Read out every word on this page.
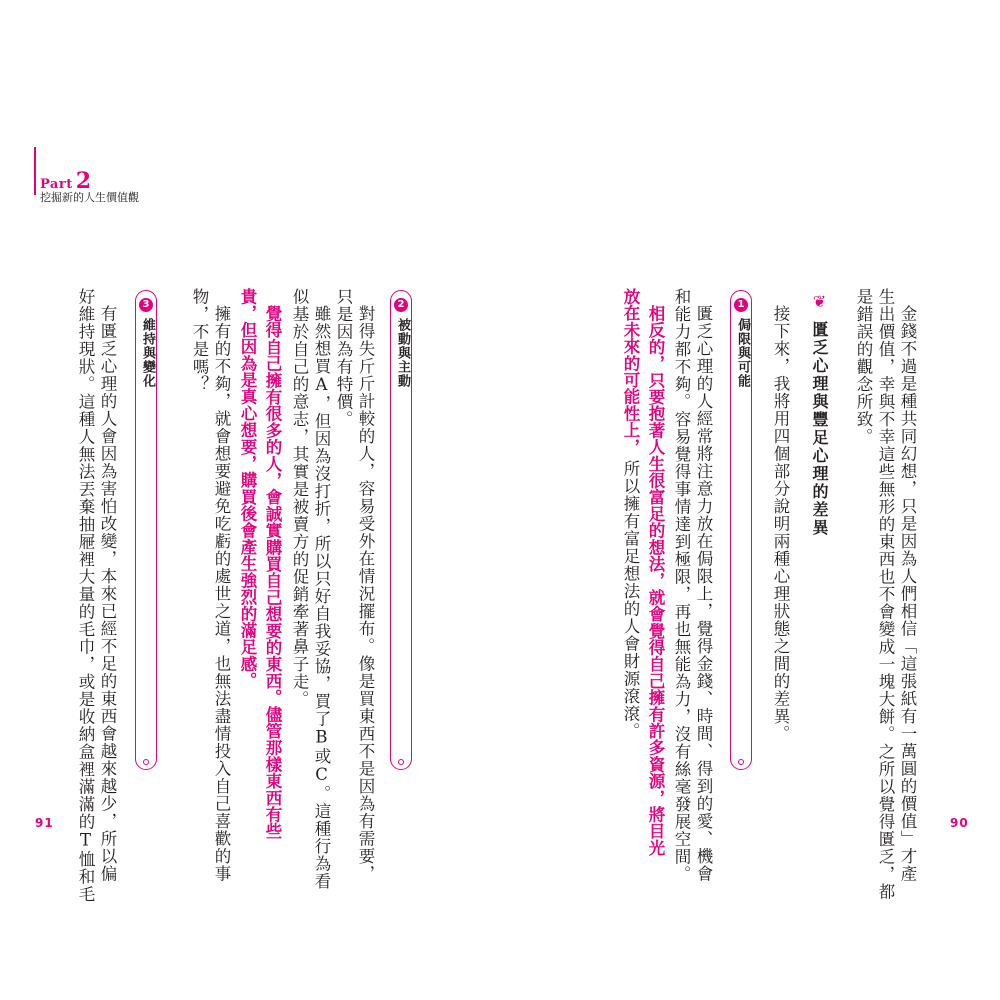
Part 2
挖掘新的人生價值觀
金錢不過是種共同幻想，只是因為人們相信「這張紙有一萬圓的價值」才產
生出價值，幸與不幸這些無形的東西也不會變成一塊大餅。之所以覺得匱乏，都
是錯誤的觀念所致。
❦匱乏心理與豐足心理的差異
接下來，我將用四個部分說明兩種心理狀態之間的差異。
1
侷限與可能
匱乏心理的人經常將注意力放在侷限上，覺得金錢、時間、得到的愛、機會
和能力都不夠。容易覺得事情達到極限，再也無能為力，沒有絲毫發展空間。
相反的，只要抱著人生很富足的想法，就會覺得自己擁有許多資源，將目光
放在未來的可能性上，
所以擁有富足想法的人會財源滾滾。
90
2
被動與主動
對得失斤斤計較的人，容易受外在情況擺布。像是買東西不是因為有需要，
只是因為有特價。
雖然想買A，但因為沒打折，所以只好自我妥協，買了B或C。這種行為看
似基於自己的意志，其實是被賣方的促銷牽著鼻子走。
覺得自己擁有很多的人，會誠實購買自己想要的東西。儘管那樣東西有些
貴，但因為是真心想要，購買後會產生強烈的滿足感。
擁有的不夠，就會想要避免吃虧的處世之道，也無法盡情投入自己喜歡的事
物，不是嗎？
3
維持與變化
有匱乏心理的人會因為害怕改變，本來已經不足的東西會越來越少，所以偏
好維持現狀。這種人無法丟棄抽屜裡大量的毛巾，或是收納盒裡滿滿的T恤和毛
91
